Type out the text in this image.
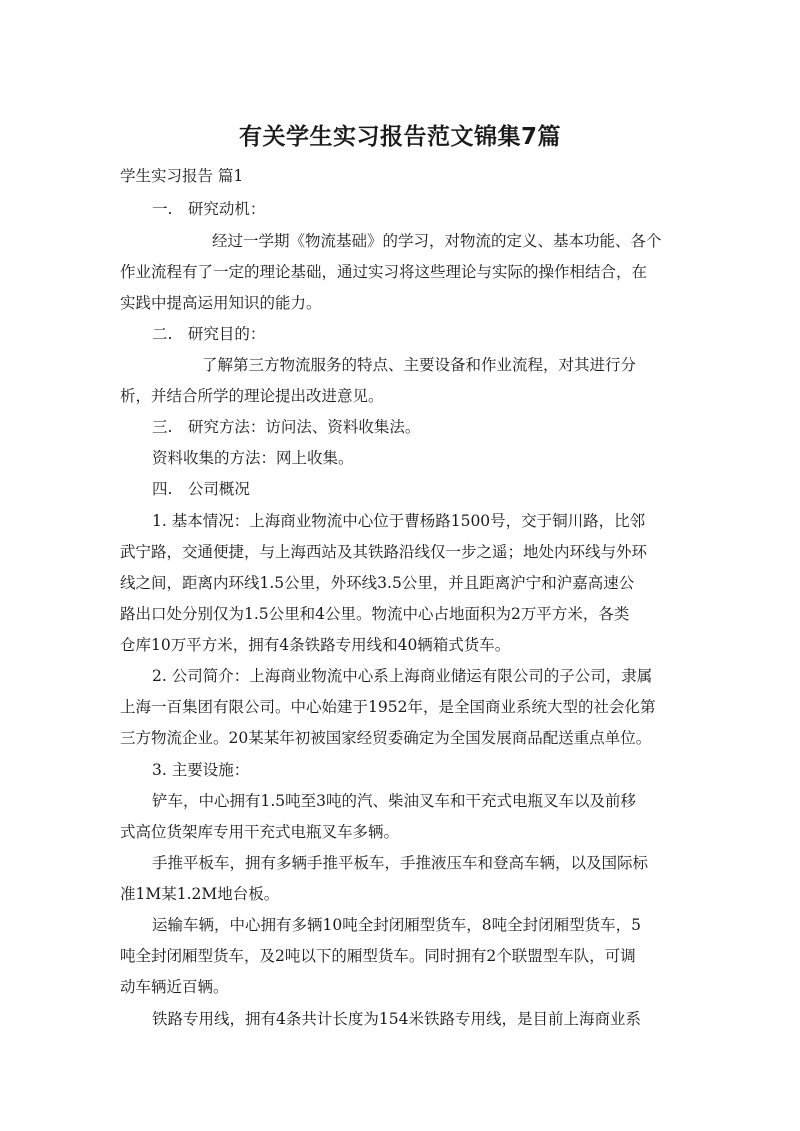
有关学生实习报告范文锦集7篇
学生实习报告 篇1
一.　研究动机：
经过一学期《物流基础》的学习，对物流的定义、基本功能、各个
作业流程有了一定的理论基础，通过实习将这些理论与实际的操作相结合，在
实践中提高运用知识的能力。
二.　研究目的：
了解第三方物流服务的特点、主要设备和作业流程，对其进行分
析，并结合所学的理论提出改进意见。
三.　研究方法：访问法、资料收集法。
资料收集的方法：网上收集。
四.　公司概况
1. 基本情况：上海商业物流中心位于曹杨路1500号，交于铜川路，比邻
武宁路，交通便捷，与上海西站及其铁路沿线仅一步之遥；地处内环线与外环
线之间，距离内环线1.5公里，外环线3.5公里，并且距离沪宁和沪嘉高速公
路出口处分别仅为1.5公里和4公里。物流中心占地面积为2万平方米，各类
仓库10万平方米，拥有4条铁路专用线和40辆箱式货车。
2. 公司简介：上海商业物流中心系上海商业储运有限公司的子公司，隶属
上海一百集团有限公司。中心始建于1952年，是全国商业系统大型的社会化第
三方物流企业。20某某年初被国家经贸委确定为全国发展商品配送重点单位。
3. 主要设施：
铲车，中心拥有1.5吨至3吨的汽、柴油叉车和干充式电瓶叉车以及前移
式高位货架库专用干充式电瓶叉车多辆。
手推平板车，拥有多辆手推平板车，手推液压车和登高车辆，以及国际标
准1M某1.2M地台板。
运输车辆，中心拥有多辆10吨全封闭厢型货车，8吨全封闭厢型货车，5
吨全封闭厢型货车，及2吨以下的厢型货车。同时拥有2个联盟型车队，可调
动车辆近百辆。
铁路专用线，拥有4条共计长度为154米铁路专用线，是目前上海商业系
